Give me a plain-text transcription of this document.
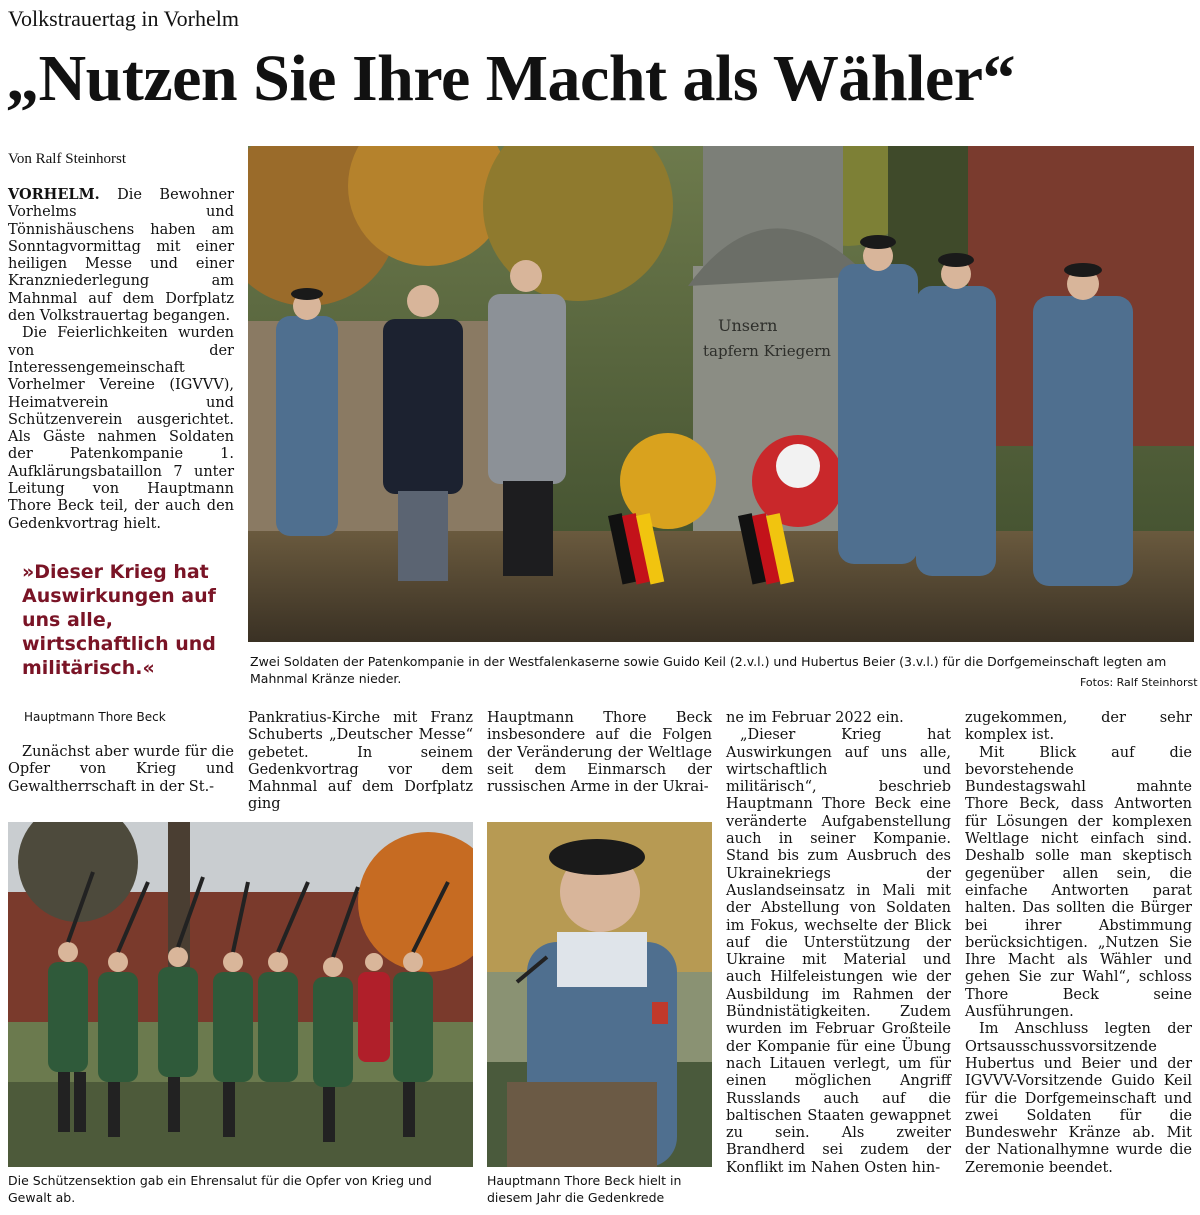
Volkstrauertag in Vorhelm
„Nutzen Sie Ihre Macht als Wähler“
Von Ralf Steinhorst

VORHELM. Die Bewohner Vorhelms und Tönnishäuschens haben am Sonntagvormittag mit einer heiligen Messe und einer Kranzniederlegung am Mahnmal auf dem Dorfplatz den Volkstrauertag begangen.

Die Feierlichkeiten wurden von der Interessengemeinschaft Vorhelmer Vereine (IGVVV), Heimatverein und Schützenverein ausgerichtet. Als Gäste nahmen Soldaten der Patenkompanie 1. Aufklärungsbataillon 7 unter Leitung von Hauptmann Thore Beck teil, der auch den Gedenkvortrag hielt.

»Dieser Krieg hat Auswirkungen auf uns alle, wirtschaftlich und militärisch.«
Hauptmann Thore Beck

Zunächst aber wurde für die Opfer von Krieg und Gewaltherrschaft in der St.-

Unsern
tapfern Kriegern
Zwei Soldaten der Patenkompanie in der Westfalenkaserne sowie Guido Keil (2.v.l.) und Hubertus Beier (3.v.l.) für die Dorfgemeinschaft legten am Mahnmal Kränze nieder.	Fotos: Ralf Steinhorst

Pankratius-Kirche mit Franz Schuberts „Deutscher Messe“ gebetet. In seinem Gedenkvortrag vor dem Mahnmal auf dem Dorfplatz ging

Hauptmann Thore Beck insbesondere auf die Folgen der Veränderung der Weltlage seit dem Einmarsch der russischen Arme in der Ukrai-

ne im Februar 2022 ein.

„Dieser Krieg hat Auswirkungen auf uns alle, wirtschaftlich und militärisch“, beschrieb Hauptmann Thore Beck eine veränderte Aufgabenstellung auch in seiner Kompanie. Stand bis zum Ausbruch des Ukrainekriegs der Auslandseinsatz in Mali mit der Abstellung von Soldaten im Fokus, wechselte der Blick auf die Unterstützung der Ukraine mit Material und auch Hilfeleistungen wie der Ausbildung im Rahmen der Bündnistätigkeiten. Zudem wurden im Februar Großteile der Kompanie für eine Übung nach Litauen verlegt, um für einen möglichen Angriff Russlands auch auf die baltischen Staaten gewappnet zu sein. Als zweiter Brandherd sei zudem der Konflikt im Nahen Osten hin-

zugekommen, der sehr komplex ist.

Mit Blick auf die bevorstehende Bundestagswahl mahnte Thore Beck, dass Antworten für Lösungen der komplexen Weltlage nicht einfach sind. Deshalb solle man skeptisch gegenüber allen sein, die einfache Antworten parat halten. Das sollten die Bürger bei ihrer Abstimmung berücksichtigen. „Nutzen Sie Ihre Macht als Wähler und gehen Sie zur Wahl“, schloss Thore Beck seine Ausführungen.

Im Anschluss legten der Ortsausschussvorsitzende Hubertus und Beier und der IGVVV-Vorsitzende Guido Keil für die Dorfgemeinschaft und zwei Soldaten für die Bundeswehr Kränze ab. Mit der Nationalhymne wurde die Zeremonie beendet.

Die Schützensektion gab ein Ehrensalut für die Opfer von Krieg und Gewalt ab.
Hauptmann Thore Beck hielt in diesem Jahr die Gedenkrede
